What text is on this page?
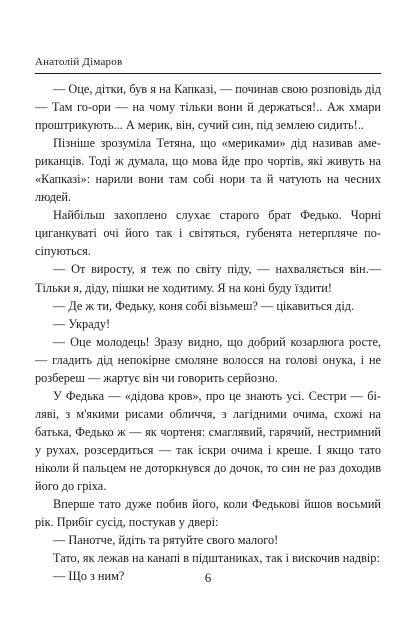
Анатолій Дімаров

— Оце, дітки, був я на Капказі, — починав свою розповідь дід — Там го-ори — на чому тільки вони й держаться!.. Аж хмари проштрикують... А мерик, він, сучий син, під землею сидить!..

Пізніше зрозуміла Тетяна, що «мериками» дід називав американців. Тоді ж думала, що мова йде про чортів, які живуть на «Капказі»: нарили вони там собі нори та й чатують на чесних людей.

Найбільш захоплено слухає старого брат Федько. Чорні циганкуваті очі його так і світяться, губенята нетерпляче посіпуються.

— От виросту, я теж по світу піду, — нахваляється він.— Тільки я, діду, пішки не ходитиму. Я на коні буду їздити!

— Де ж ти, Федьку, коня собі візьмеш? — цікавиться дід.

— Украду!

— Оце молодець! Зразу видно, що добрий козарлюга росте, — гладить дід непокірне смоляне волосся на голові онука, і не розбереш — жартує він чи говорить серйозно.

У Федька — «дідова кров», про це знають усі. Сестри — біляві, з м'якими рисами обличчя, з лагідними очима, схожі на батька, Федько ж — як чортеня: смаглявий, гарячий, нестримний у рухах, розсердиться — так іскри очима і креше. І якщо тато ніколи й пальцем не доторкнувся до дочок, то син не раз доходив його до гріха.

Вперше тато дуже побив його, коли Федькові йшов восьмий рік. Прибіг сусід, постукав у двері:

— Панотче, йдіть та рятуйте свого малого!

Тато, як лежав на канапі в підштаниках, так і вискочив надвір:

— Що з ним?	6
